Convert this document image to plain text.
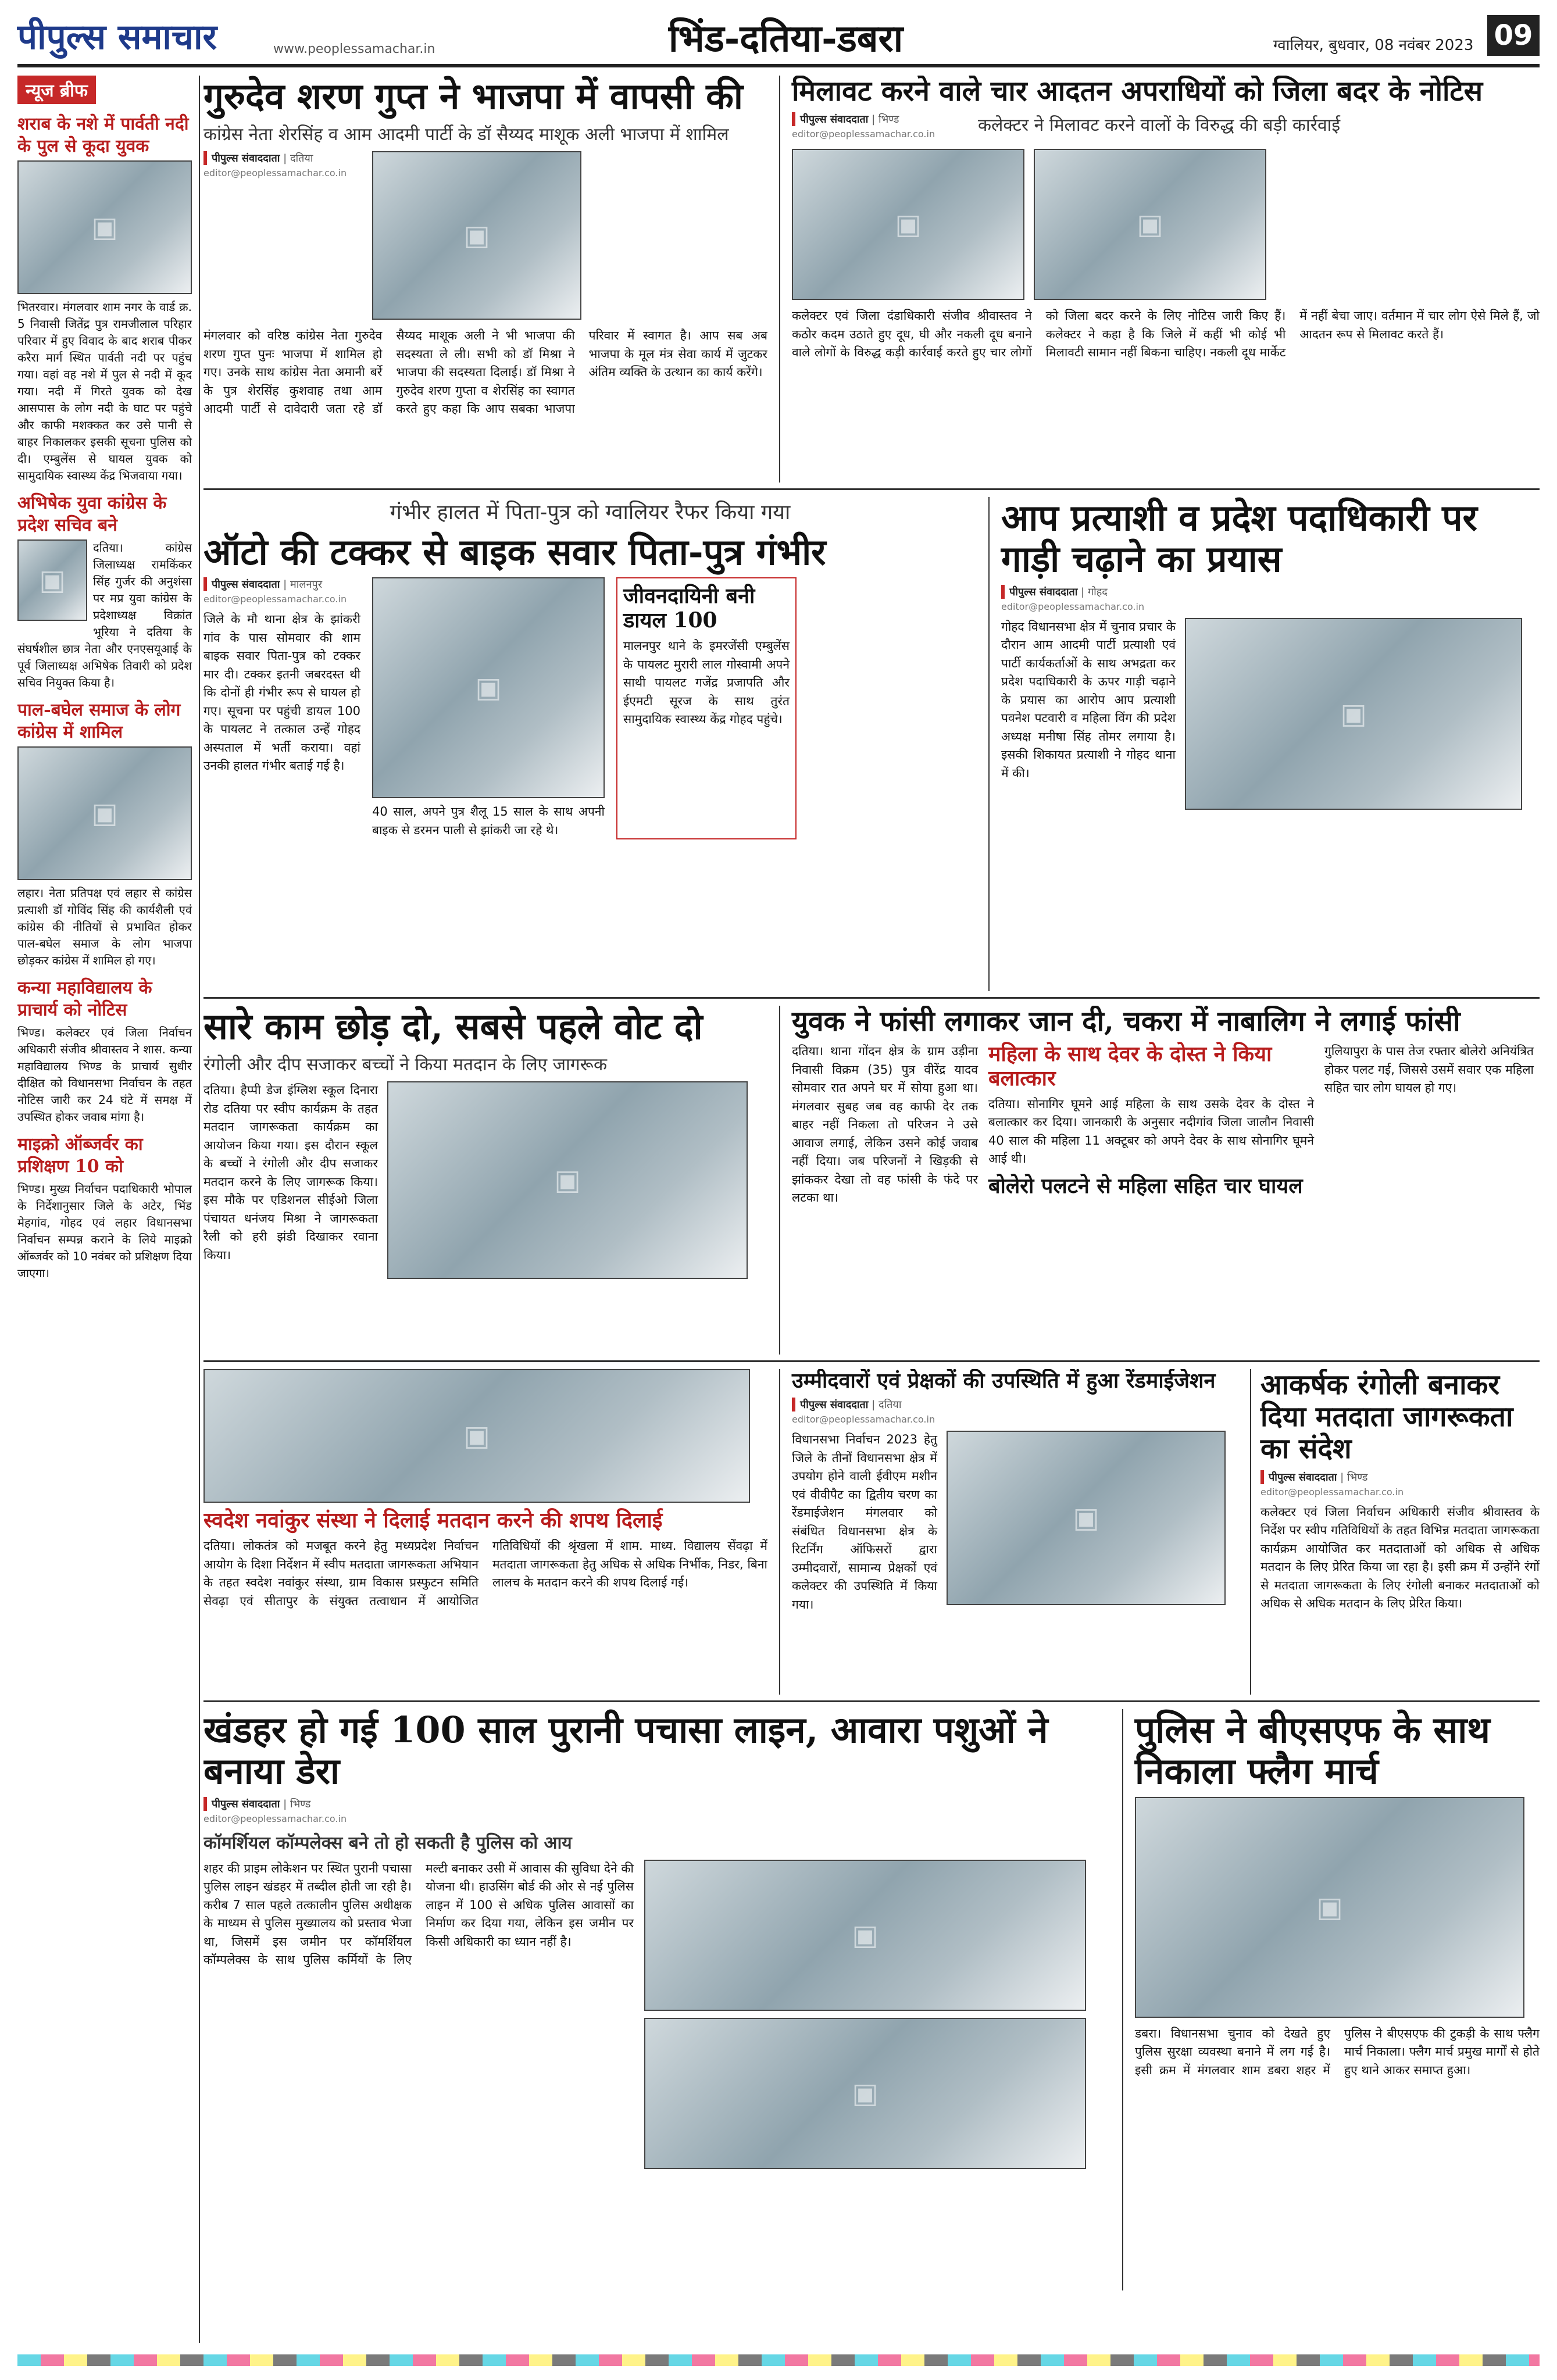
पीपुल्स समाचार	www.peoplessamachar.in	भिंड-दतिया-डबरा	ग्वालियर, बुधवार, 08 नवंबर 2023 09
न्यूज ब्रीफ
शराब के नशे में पार्वती नदी के पुल से कूदा युवक
▣

भितरवार। मंगलवार शाम नगर के वार्ड क्र. 5 निवासी जितेंद्र पुत्र रामजीलाल परिहार परिवार में हुए विवाद के बाद शराब पीकर करैरा मार्ग स्थित पार्वती नदी पर पहुंच गया। वहां वह नशे में पुल से नदी में कूद गया। नदी में गिरते युवक को देख आसपास के लोग नदी के घाट पर पहुंचे और काफी मशक्कत कर उसे पानी से बाहर निकालकर इसकी सूचना पुलिस को दी। एम्बुलेंस से घायल युवक को सामुदायिक स्वास्थ्य केंद्र भिजवाया गया।

अभिषेक युवा कांग्रेस के प्रदेश सचिव बने
▣

दतिया। कांग्रेस जिलाध्यक्ष रामकिंकर सिंह गुर्जर की अनुशंसा पर मप्र युवा कांग्रेस के प्रदेशाध्यक्ष विक्रांत भूरिया ने दतिया के संघर्षशील छात्र नेता और एनएसयूआई के पूर्व जिलाध्यक्ष अभिषेक तिवारी को प्रदेश सचिव नियुक्त किया है।

पाल-बघेल समाज के लोग कांग्रेस में शामिल
▣

लहार। नेता प्रतिपक्ष एवं लहार से कांग्रेस प्रत्याशी डॉ गोविंद सिंह की कार्यशैली एवं कांग्रेस की नीतियों से प्रभावित होकर पाल-बघेल समाज के लोग भाजपा छोड़कर कांग्रेस में शामिल हो गए।

कन्या महाविद्यालय के प्राचार्य को नोटिस

भिण्ड। कलेक्टर एवं जिला निर्वाचन अधिकारी संजीव श्रीवास्तव ने शास. कन्या महाविद्यालय भिण्ड के प्राचार्य सुधीर दीक्षित को विधानसभा निर्वाचन के तहत नोटिस जारी कर 24 घंटे में समक्ष में उपस्थित होकर जवाब मांगा है।

माइक्रो ऑब्जर्वर का प्रशिक्षण 10 को

भिण्ड। मुख्य निर्वाचन पदाधिकारी भोपाल के निर्देशानुसार जिले के अटेर, भिंड मेहगांव, गोहद एवं लहार विधानसभा निर्वाचन सम्पन्न कराने के लिये माइक्रो ऑब्जर्वर को 10 नवंबर को प्रशिक्षण दिया जाएगा।

गुरुदेव शरण गुप्त ने भाजपा में वापसी की
कांग्रेस नेता शेरसिंह व आम आदमी पार्टी के डॉ सैय्यद माशूक अली भाजपा में शामिल
पीपुल्स संवाददाता | दतिया
editor@peoplessamachar.co.in
▣

मंगलवार को वरिष्ठ कांग्रेस नेता गुरुदेव शरण गुप्त पुनः भाजपा में शामिल हो गए। उनके साथ कांग्रेस नेता अमानी बर्रे के पुत्र शेरसिंह कुशवाह तथा आम आदमी पार्टी से दावेदारी जता रहे डॉ सैय्यद माशूक अली ने भी भाजपा की सदस्यता ले ली। सभी को डॉ मिश्रा ने भाजपा की सदस्यता दिलाई। डॉ मिश्रा ने गुरुदेव शरण गुप्ता व शेरसिंह का स्वागत करते हुए कहा कि आप सबका भाजपा परिवार में स्वागत है। आप सब अब भाजपा के मूल मंत्र सेवा कार्य में जुटकर अंतिम व्यक्ति के उत्थान का कार्य करेंगे।

मिलावट करने वाले चार आदतन अपराधियों को जिला बदर के नोटिस
पीपुल्स संवाददाता | भिण्ड
editor@peoplessamachar.co.in	कलेक्टर ने मिलावट करने वालों के विरुद्ध की बड़ी कार्रवाई
▣
▣

कलेक्टर एवं जिला दंडाधिकारी संजीव श्रीवास्तव ने कठोर कदम उठाते हुए दूध, घी और नकली दूध बनाने वाले लोगों के विरुद्ध कड़ी कार्रवाई करते हुए चार लोगों को जिला बदर करने के लिए नोटिस जारी किए हैं। कलेक्टर ने कहा है कि जिले में कहीं भी कोई भी मिलावटी सामान नहीं बिकना चाहिए। नकली दूध मार्केट में नहीं बेचा जाए। वर्तमान में चार लोग ऐसे मिले हैं, जो आदतन रूप से मिलावट करते हैं।

गंभीर हालत में पिता-पुत्र को ग्वालियर रैफर किया गया
ऑटो की टक्कर से बाइक सवार पिता-पुत्र गंभीर
पीपुल्स संवाददाता | मालनपुर
editor@peoplessamachar.co.in

जिले के मौ थाना क्षेत्र के झांकरी गांव के पास सोमवार की शाम बाइक सवार पिता-पुत्र को टक्कर मार दी। टक्कर इतनी जबरदस्त थी कि दोनों ही गंभीर रूप से घायल हो गए। सूचना पर पहुंची डायल 100 के पायलट ने तत्काल उन्हें गोहद अस्पताल में भर्ती कराया। वहां उनकी हालत गंभीर बताई गई है।

▣

40 साल, अपने पुत्र शैलू 15 साल के साथ अपनी बाइक से डरमन पाली से झांकरी जा रहे थे।

जीवनदायिनी बनी डायल 100

मालनपुर थाने के इमरजेंसी एम्बुलेंस के पायलट मुरारी लाल गोस्वामी अपने साथी पायलट गजेंद्र प्रजापति और ईएमटी सूरज के साथ तुरंत सामुदायिक स्वास्थ्य केंद्र गोहद पहुंचे।

आप प्रत्याशी व प्रदेश पदाधिकारी पर गाड़ी चढ़ाने का प्रयास
पीपुल्स संवाददाता | गोहद
editor@peoplessamachar.co.in

गोहद विधानसभा क्षेत्र में चुनाव प्रचार के दौरान आम आदमी पार्टी प्रत्याशी एवं पार्टी कार्यकर्ताओं के साथ अभद्रता कर प्रदेश पदाधिकारी के ऊपर गाड़ी चढ़ाने के प्रयास का आरोप आप प्रत्याशी पवनेश पटवारी व महिला विंग की प्रदेश अध्यक्ष मनीषा सिंह तोमर लगाया है। इसकी शिकायत प्रत्याशी ने गोहद थाना में की।

▣
सारे काम छोड़ दो, सबसे पहले वोट दो
रंगोली और दीप सजाकर बच्चों ने किया मतदान के लिए जागरूक

दतिया। हैप्पी डेज इंग्लिश स्कूल दिनारा रोड दतिया पर स्वीप कार्यक्रम के तहत मतदान जागरूकता कार्यक्रम का आयोजन किया गया। इस दौरान स्कूल के बच्चों ने रंगोली और दीप सजाकर मतदान करने के लिए जागरूक किया। इस मौके पर एडिशनल सीईओ जिला पंचायत धनंजय मिश्रा ने जागरूकता रैली को हरी झंडी दिखाकर रवाना किया।

▣
युवक ने फांसी लगाकर जान दी, चकरा में नाबालिग ने लगाई फांसी

दतिया। थाना गोंदन क्षेत्र के ग्राम उड़ीना निवासी विक्रम (35) पुत्र वीरेंद्र यादव सोमवार रात अपने घर में सोया हुआ था। मंगलवार सुबह जब वह काफी देर तक बाहर नहीं निकला तो परिजन ने उसे आवाज लगाई, लेकिन उसने कोई जवाब नहीं दिया। जब परिजनों ने खिड़की से झांककर देखा तो वह फांसी के फंदे पर लटका था।

महिला के साथ देवर के दोस्त ने किया बलात्कार

दतिया। सोनागिर घूमने आई महिला के साथ उसके देवर के दोस्त ने बलात्कार कर दिया। जानकारी के अनुसार नदीगांव जिला जालौन निवासी 40 साल की महिला 11 अक्टूबर को अपने देवर के साथ सोनागिर घूमने आई थी।

बोलेरो पलटने से महिला सहित चार घायल

गुलियापुरा के पास तेज रफ्तार बोलेरो अनियंत्रित होकर पलट गई, जिससे उसमें सवार एक महिला सहित चार लोग घायल हो गए।

▣
स्वदेश नवांकुर संस्था ने दिलाई मतदान करने की शपथ दिलाई

दतिया। लोकतंत्र को मजबूत करने हेतु मध्यप्रदेश निर्वाचन आयोग के दिशा निर्देशन में स्वीप मतदाता जागरूकता अभियान के तहत स्वदेश नवांकुर संस्था, ग्राम विकास प्रस्फुटन समिति सेवढ़ा एवं सीतापुर के संयुक्त तत्वाधान में आयोजित गतिविधियों की श्रृंखला में शाम. माध्य. विद्यालय सेंवढ़ा में मतदाता जागरूकता हेतु अधिक से अधिक निर्भीक, निडर, बिना लालच के मतदान करने की शपथ दिलाई गई।

उम्मीदवारों एवं प्रेक्षकों की उपस्थिति में हुआ रेंडमाईजेशन
पीपुल्स संवाददाता | दतिया
editor@peoplessamachar.co.in

विधानसभा निर्वाचन 2023 हेतु जिले के तीनों विधानसभा क्षेत्र में उपयोग होने वाली ईवीएम मशीन एवं वीवीपैट का द्वितीय चरण का रेंडमाईजेशन मंगलवार को संबंधित विधानसभा क्षेत्र के रिटर्निंग ऑफिसरों द्वारा उम्मीदवारों, सामान्य प्रेक्षकों एवं कलेक्टर की उपस्थिति में किया गया।

▣
आकर्षक रंगोली बनाकर दिया मतदाता जागरूकता का संदेश
पीपुल्स संवाददाता | भिण्ड
editor@peoplessamachar.co.in

कलेक्टर एवं जिला निर्वाचन अधिकारी संजीव श्रीवास्तव के निर्देश पर स्वीप गतिविधियों के तहत विभिन्न मतदाता जागरूकता कार्यक्रम आयोजित कर मतदाताओं को अधिक से अधिक मतदान के लिए प्रेरित किया जा रहा है। इसी क्रम में उन्होंने रंगों से मतदाता जागरूकता के लिए रंगोली बनाकर मतदाताओं को अधिक से अधिक मतदान के लिए प्रेरित किया।

खंडहर हो गई 100 साल पुरानी पचासा लाइन, आवारा पशुओं ने बनाया डेरा
पीपुल्स संवाददाता | भिण्ड
editor@peoplessamachar.co.in
कॉमर्शियल कॉम्पलेक्स बने तो हो सकती है पुलिस को आय

शहर की प्राइम लोकेशन पर स्थित पुरानी पचासा पुलिस लाइन खंडहर में तब्दील होती जा रही है। करीब 7 साल पहले तत्कालीन पुलिस अधीक्षक के माध्यम से पुलिस मुख्यालय को प्रस्ताव भेजा था, जिसमें इस जमीन पर कॉमर्शियल कॉम्पलेक्स के साथ पुलिस कर्मियों के लिए मल्टी बनाकर उसी में आवास की सुविधा देने की योजना थी। हाउसिंग बोर्ड की ओर से नई पुलिस लाइन में 100 से अधिक पुलिस आवासों का निर्माण कर दिया गया, लेकिन इस जमीन पर किसी अधिकारी का ध्यान नहीं है।

▣
▣
पुलिस ने बीएसएफ के साथ निकाला फ्लैग मार्च
▣

डबरा। विधानसभा चुनाव को देखते हुए पुलिस सुरक्षा व्यवस्था बनाने में लग गई है। इसी क्रम में मंगलवार शाम डबरा शहर में पुलिस ने बीएसएफ की टुकड़ी के साथ फ्लैग मार्च निकाला। फ्लैग मार्च प्रमुख मार्गों से होते हुए थाने आकर समाप्त हुआ।
